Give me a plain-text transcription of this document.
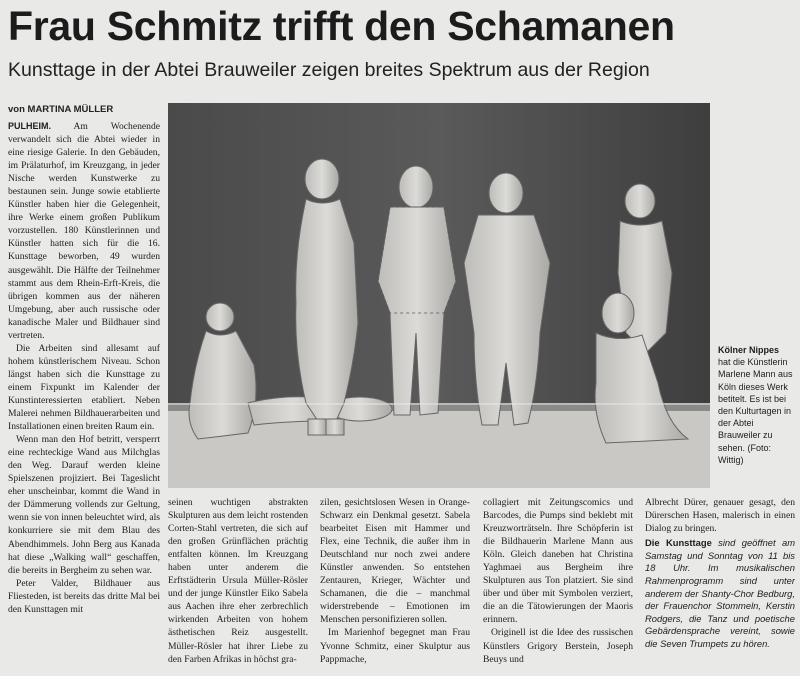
Frau Schmitz trifft den Schamanen
Kunsttage in der Abtei Brauweiler zeigen breites Spektrum aus der Region
von MARTINA MÜLLER

PULHEIM. Am Wochenende verwandelt sich die Abtei wieder in eine riesige Galerie. In den Gebäuden, im Prälaturhof, im Kreuzgang, in jeder Nische werden Kunstwerke zu bestaunen sein. Junge sowie etablierte Künstler haben hier die Gelegenheit, ihre Werke einem großen Publikum vorzustellen. 180 Künstlerinnen und Künstler hatten sich für die 16. Kunsttage beworben, 49 wurden ausgewählt. Die Hälfte der Teilnehmer stammt aus dem Rhein-Erft-Kreis, die übrigen kommen aus der näheren Umgebung, aber auch russische oder kanadische Maler und Bildhauer sind vertreten.

Die Arbeiten sind allesamt auf hohem künstlerischem Niveau. Schon längst haben sich die Kunsttage zu einem Fixpunkt im Kalender der Kunstinteressierten etabliert. Neben Malerei nehmen Bildhauerarbeiten und Installationen einen breiten Raum ein.

Wenn man den Hof betritt, versperrt eine rechteckige Wand aus Milchglas den Weg. Darauf werden kleine Spielszenen projiziert. Bei Tageslicht eher unscheinbar, kommt die Wand in der Dämmerung vollends zur Geltung, wenn sie von innen beleuchtet wird, als konkurriere sie mit dem Blau des Abendhimmels. John Berg aus Kanada hat diese „Walking wall“ geschaffen, die bereits in Bergheim zu sehen war.

Peter Valder, Bildhauer aus Fliesteden, ist bereits das dritte Mal bei den Kunsttagen mit

Kölner Nippes
hat die Künstlerin Marlene Mann aus Köln dieses Werk betitelt. Es ist bei den Kulturtagen in der Abtei Brauweiler zu sehen. (Foto: Wittig)

seinen wuchtigen abstrakten Skulpturen aus dem leicht rostenden Corten-Stahl vertreten, die sich auf den großen Grünflächen prächtig entfalten können. Im Kreuzgang haben unter anderem die Erftstädterin Ursula Müller-Rösler und der junge Künstler Eiko Sabela aus Aachen ihre eher zerbrechlich wirkenden Arbeiten von hohem ästhetischen Reiz ausgestellt. Müller-Rösler hat ihrer Liebe zu den Farben Afrikas in höchst gra-

zilen, gesichtslosen Wesen in Orange-Schwarz ein Denkmal gesetzt. Sabela bearbeitet Eisen mit Hammer und Flex, eine Technik, die außer ihm in Deutschland nur noch zwei andere Künstler anwenden. So entstehen Zentauren, Krieger, Wächter und Schamanen, die die – manchmal widerstrebende – Emotionen im Menschen personifizieren sollen.

Im Marienhof begegnet man Frau Yvonne Schmitz, einer Skulptur aus Pappmache,

collagiert mit Zeitungscomics und Barcodes, die Pumps sind beklebt mit Kreuzworträtseln. Ihre Schöpferin ist die Bildhauerin Marlene Mann aus Köln. Gleich daneben hat Christina Yaghmaei aus Bergheim ihre Skulpturen aus Ton platziert. Sie sind über und über mit Symbolen verziert, die an die Tätowierungen der Maoris erinnern.

Originell ist die Idee des russischen Künstlers Grigory Berstein, Joseph Beuys und

Albrecht Dürer, genauer gesagt, den Dürerschen Hasen, malerisch in einen Dialog zu bringen.

Die Kunsttage sind geöffnet am Samstag und Sonntag von 11 bis 18 Uhr. Im musikalischen Rahmenprogramm sind unter anderem der Shanty-Chor Bedburg, der Frauenchor Stommeln, Kerstin Rodgers, die Tanz und poetische Gebärdensprache vereint, sowie die Seven Trumpets zu hören.
